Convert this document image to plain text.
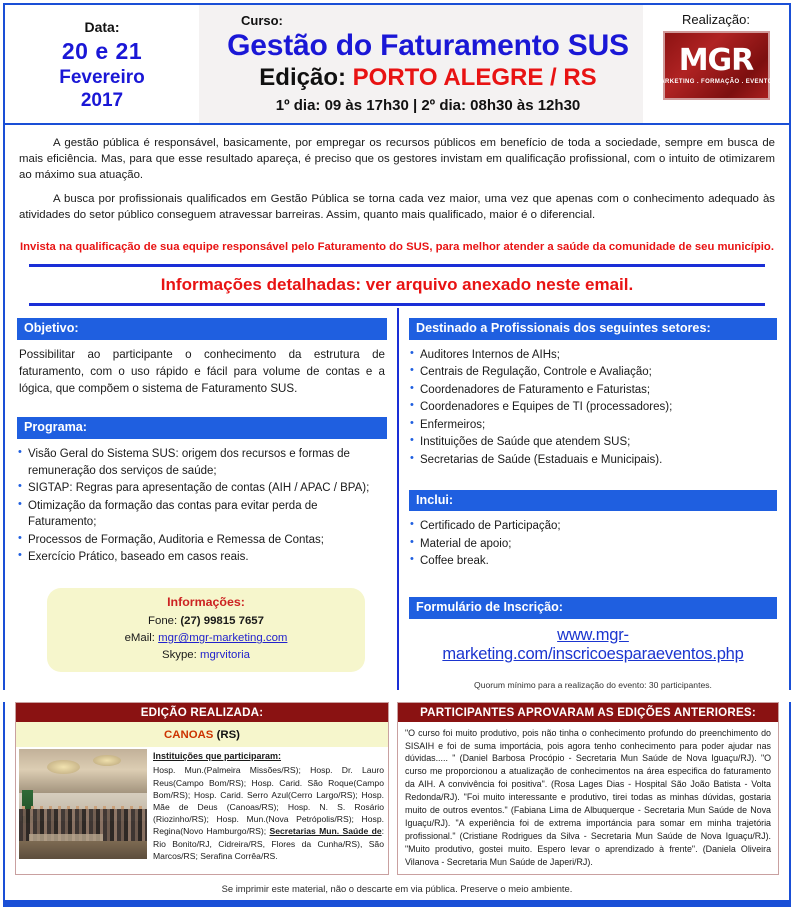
Data:
20 e 21
Fevereiro
2017
Curso:
Gestão do Faturamento SUS
Edição: PORTO ALEGRE / RS
1º dia: 09 às 17h30 | 2º dia: 08h30 às 12h30
Realização:
MGR
MARKETING . FORMAÇÃO . EVENTOS

A gestão pública é responsável, basicamente, por empregar os recursos públicos em benefício de toda a sociedade, sempre em busca de mais eficiência. Mas, para que esse resultado apareça, é preciso que os gestores invistam em qualificação profissional, com o intuito de otimizarem ao máximo sua atuação.

A busca por profissionais qualificados em Gestão Pública se torna cada vez maior, uma vez que apenas com o conhecimento adequado às atividades do setor público conseguem atravessar barreiras. Assim, quanto mais qualificado, maior é o diferencial.

Invista na qualificação de sua equipe responsável pelo Faturamento do SUS, para melhor atender a saúde da comunidade de seu município.

Informações detalhadas: ver arquivo anexado neste email.
Objetivo:
Possibilitar ao participante o conhecimento da estrutura de faturamento, com o uso rápido e fácil para volume de contas e a lógica, que compõem o sistema de Faturamento SUS.
Programa:
• Visão Geral do Sistema SUS: origem dos recursos e formas de remuneração dos serviços de saúde;
• SIGTAP: Regras para apresentação de contas (AIH / APAC / BPA);
• Otimização da formação das contas para evitar perda de Faturamento;
• Processos de Formação, Auditoria e Remessa de Contas;
• Exercício Prático, baseado em casos reais.
Informações:
Fone: (27) 99815 7657
eMail: mgr@mgr-marketing.com
Skype: mgrvitoria
Destinado a Profissionais dos seguintes setores:
• Auditores Internos de AIHs;
• Centrais de Regulação, Controle e Avaliação;
• Coordenadores de Faturamento e Faturistas;
• Coordenadores e Equipes de TI (processadores);
• Enfermeiros;
• Instituições de Saúde que atendem SUS;
• Secretarias de Saúde (Estaduais e Municipais).
Inclui:
• Certificado de Participação;
• Material de apoio;
• Coffee break.
Formulário de Inscrição:
www.mgr-marketing.com/inscricoesparaeventos.php
Quorum mínimo para a realização do evento: 30 participantes.
EDIÇÃO REALIZADA:
CANOAS (RS)
Instituições que participaram:
Hosp. Mun.(Palmeira Missões/RS); Hosp. Dr. Lauro Reus(Campo Bom/RS); Hosp. Carid. São Roque(Campo Bom/RS); Hosp. Carid. Serro Azul(Cerro Largo/RS); Hosp. Mãe de Deus (Canoas/RS); Hosp. N. S. Rosário (Riozinho/RS); Hosp. Mun.(Nova Petrópolis/RS); Hosp. Regina(Novo Hamburgo/RS); Secretarias Mun. Saúde de: Rio Bonito/RJ, Cidreira/RS, Flores da Cunha/RS), São Marcos/RS; Serafina Corrêa/RS.
PARTICIPANTES APROVARAM AS EDIÇÕES ANTERIORES:
"O curso foi muito produtivo, pois não tinha o conhecimento profundo do preenchimento do SISAIH e foi de suma importácia, pois agora tenho conhecimento para poder ajudar nas dúvidas..... " (Daniel Barbosa Procópio - Secretaria Mun Saúde de Nova Iguaçu/RJ). "O curso me proporcionou a atualização de conhecimentos na área especifica do faturamento da AIH. A convivência foi positiva". (Rosa Lages Dias - Hospital São João Batista - Volta Redonda/RJ). "Foi muito interessante e produtivo, tirei todas as minhas dúvidas, gostaria muito de outros eventos." (Fabiana Lima de Albuquerque - Secretaria Mun Saúde de Nova Iguaçu/RJ). "A experiência foi de extrema importáncia para somar em minha trajetória profissional." (Cristiane Rodrigues da Silva - Secretaria Mun Saúde de Nova Iguaçu/RJ). "Muito produtivo, gostei muito. Espero levar o aprendizado à frente". (Daniela Oliveira Vilanova - Secretaria Mun Saúde de Japeri/RJ).
Se imprimir este material, não o descarte em via pública. Preserve o meio ambiente.
